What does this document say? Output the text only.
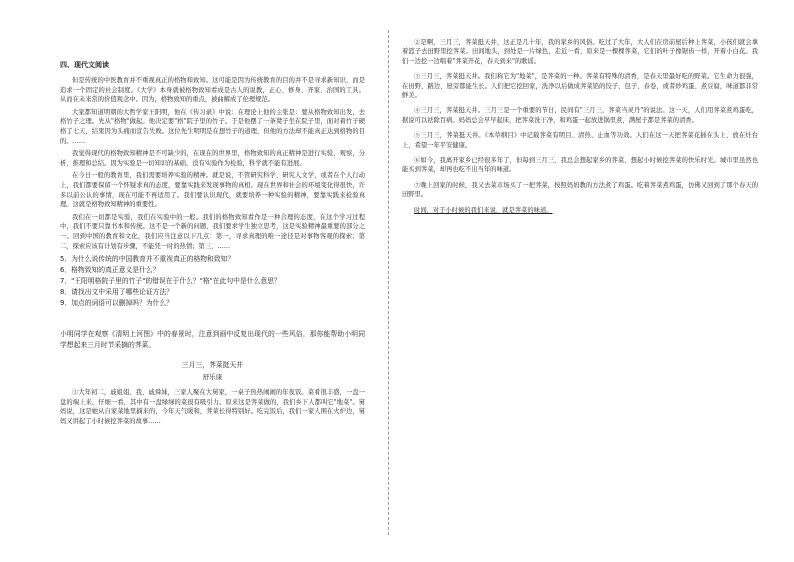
四、现代文阅读

但是传统的中医教育并不重视真正的格物和致知。这可能是因为传统教育的目的并不是寻求新知识，而是追求一个固定的社会制度。《大学》本身就被格物致知看成是古人的说教，正心、修身、齐家、治国的工具。从而在未来常的价值观念中。因为，格物致知的重点，被曲解成了伦理规范。

大家都知道明朝的大哲学家王阳明，他在《传习录》中说：在理论上他的主张是：要从格物致知出发，去格竹子之理。先从"格物"做起。他决定要"格"院子里的竹子。于是他摆了一条凳子坐在院子里，面对着竹子硬格了七天，结果因为头痛而宣告失败。这位先生明明是在想竹子的道理，但他的方法却不能真正达到格物的目的。……

我觉得现代的格物致知精神是不可缺少的，在现在的世界里，格物致知的真正精神是进行实验，观察，分析，推理和总结。因为实验是一切知识的基础，没有实验作为检验，科学就不能有进展。

在今日一般的教育里，我们需要培养实验的精神。就是说，不管研究科学、研究人文学，或者在个人行动上，我们都要保留一个怀疑求真的态度，要靠实践来发现事物的真相。现在世界和社会的环境变化得很快，许多以前公认的事情，现在可能不再适用了。我们要认识现代，就要培养一种实验的精神，要靠实践来检验真理。这就是格物致知精神的重要性。

我们在一切都是实验，我们在实验中的一般。我们的格物致知看作是一种合理的态度，在这个学习过程中，我们不要只靠书本和传统。这不是一个新的问题，我们要求学生独立思考，这是实验精神最重要的部分之一。回到中国的教育和文化，我们应当注意以下几点：第一，寻求真理的唯一途径是对事物客观的探索；第二，探索应该有计划有步骤，不能凭一时的热情；第三，……

5．为什么说传统的中国教育并不重视真正的格物和致知？

6．格物致知的真正意义是什么？

7．"王阳明格院子里的竹子"的错误在于什么？"格"在此句中是什么意思？

8．请找出文中采用了哪些论证方法？

9．加点的词语可以删掉吗？为什么？

小明同学在观察《清明上河图》中的春景时，注意到画中反复出现代的一些风俗，那你能帮助小明同学想起来三月时节采摘的荠菜。

三月三，荠菜挺天井

舒乐康

①大年初二，戚姐姐、我、戚舜妹，三家人聚在大舅家，一桌子热热闹闹的年夜饭。菜肴很丰盛，一盘一盘的端上来，仔细一看，其中有一盘绿绿的菜很有吸引力。原来这是荠菜做的，我们乡下人都叫它"地菜"。舅妈说，这是她从自家菜地里摘来的，今年天气暖和，荠菜长得特别好。吃完饭后，我们一家人围在火炉边，舅妈又讲起了小时候挖荠菜的故事……

②是啊，三月三，荠菜挺天井，这正是几十年，我的家乡的风俗。吃过了大年，大人们在房前屋后种上荠菜，小孩们就会拿着篮子去田野里挖荠菜。田间地头，到处是一片绿色，走近一看，原来是一棵棵荠菜，它们的叶子像锯齿一样，开着小白花。我们一边挖一边唱着"荠菜开花，春天到来"的歌谣。

③三月三，荠菜挺天井。我们称它为"地菜"，是荠菜的一种。荠菜有特殊的清香，是春天里最好吃的野菜。它生命力很强，在田野、路边、屋旁都能生长。人们把它挖回家，洗净以后做成荠菜馅的饺子、包子、春卷，或者炒鸡蛋、煮豆腐，味道都非常鲜美。

④三月三，荠菜挺天井。三月三是一个重要的节日，民间有"三月三，荠菜当灵丹"的说法。这一天，人们用荠菜煮鸡蛋吃，据说可以祛除百病。妈妈总会早早起床，把荠菜洗干净，和鸡蛋一起放进锅里煮，满屋子都是荠菜的清香。

⑤三月三，荠菜挺天井。《本草纲目》中记载荠菜有明目、清热、止血等功效。人们在这一天把荠菜花插在头上、放在灶台上，希望一年平安健康。

⑥如今，我离开家乡已经很多年了，但每到三月三，我总会想起家乡的荠菜，想起小时候挖荠菜的快乐时光。城市里虽然也能买到荠菜，却再也吃不出当年的味道。

⑦晚上回家的时候，我又去菜市场买了一把荠菜，按照妈妈教的方法煮了鸡蛋。吃着荠菜煮鸡蛋，仿佛又回到了那个春天的田野里。

时间，对于小时候的我们来说，就是荠菜的味道。
